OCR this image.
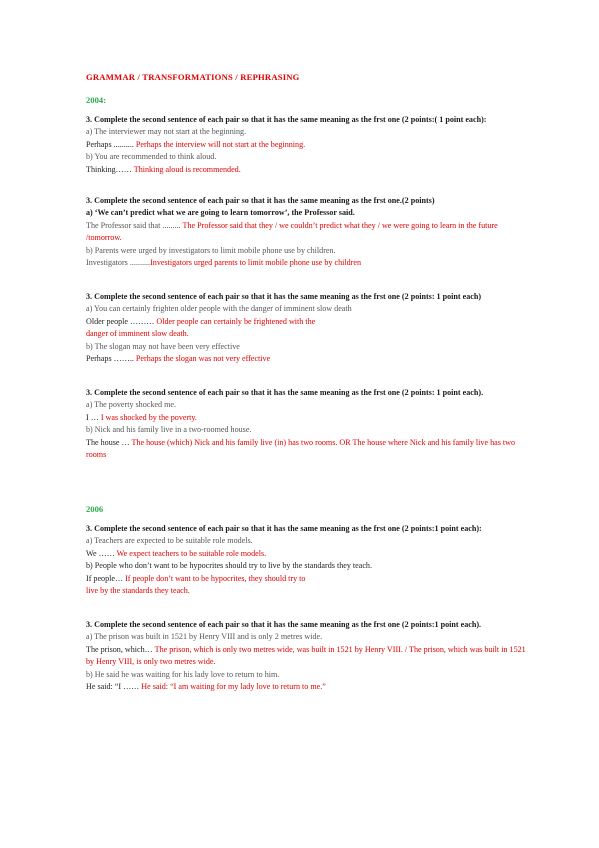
GRAMMAR / TRANSFORMATIONS / REPHRASING
2004:
3. Complete the second sentence of each pair so that it has the same meaning as the frst one (2 points:( 1 point each):
a) The interviewer may not start at the beginning.
Perhaps .......... Perhaps the interview will not start at the beginning.
b) You are recommended to think aloud.
Thinking…… Thinking aloud is recommended.
3. Complete the second sentence of each pair so that it has the same meaning as the frst one.(2 points)
a) ‘We can’t predict what we are going to learn tomorrow’, the Professor said.
The Professor said that ......... The Professor said that they / we couldn’t predict what they / we were going to learn in the future /tomorrow.
b) Parents were urged by investigators to limit mobile phone use by children.
Investigators ..........Investigators urged parents to limit mobile phone use by children
3. Complete the second sentence of each pair so that it has the same meaning as the frst one (2 points: 1 point each)
a) You can certainly frighten older people with the danger of imminent slow death
Older people ……… Older people can certainly be frightened with the
danger of imminent slow death.
b) The slogan may not have been very effective
Perhaps …….. Perhaps the slogan was not very effective
3. Complete the second sentence of each pair so that it has the same meaning as the frst one (2 points: 1 point each).
a) The poverty shocked me.
I … I was shocked by the poverty.
b) Nick and his family live in a two-roomed house.
The house … The house (which) Nick and his family live (in) has two rooms. OR The house where Nick and his family live has two rooms
2006
3. Complete the second sentence of each pair so that it has the same meaning as the frst one (2 points:1 point each):
a) Teachers are expected to be suitable role models.
We …… We expect teachers to be suitable role models.
b) People who don’t want to be hypocrites should try to live by the standards they teach.
If people… If people don’t want to be hypocrites, they should try to
live by the standards they teach.
3. Complete the second sentence of each pair so that it has the same meaning as the frst one (2 points:1 point each).
a) The prison was built in 1521 by Henry VIII and is only 2 metres wide.
The prison, which… The prison, which is only two metres wide, was built in 1521 by Henry VIII. / The prison, which was built in 1521 by Henry VIII, is only two metres wide.
b) He said he was waiting for his lady love to return to him.
He said: “I …… He said: “I am waiting for my lady love to return to me.”
